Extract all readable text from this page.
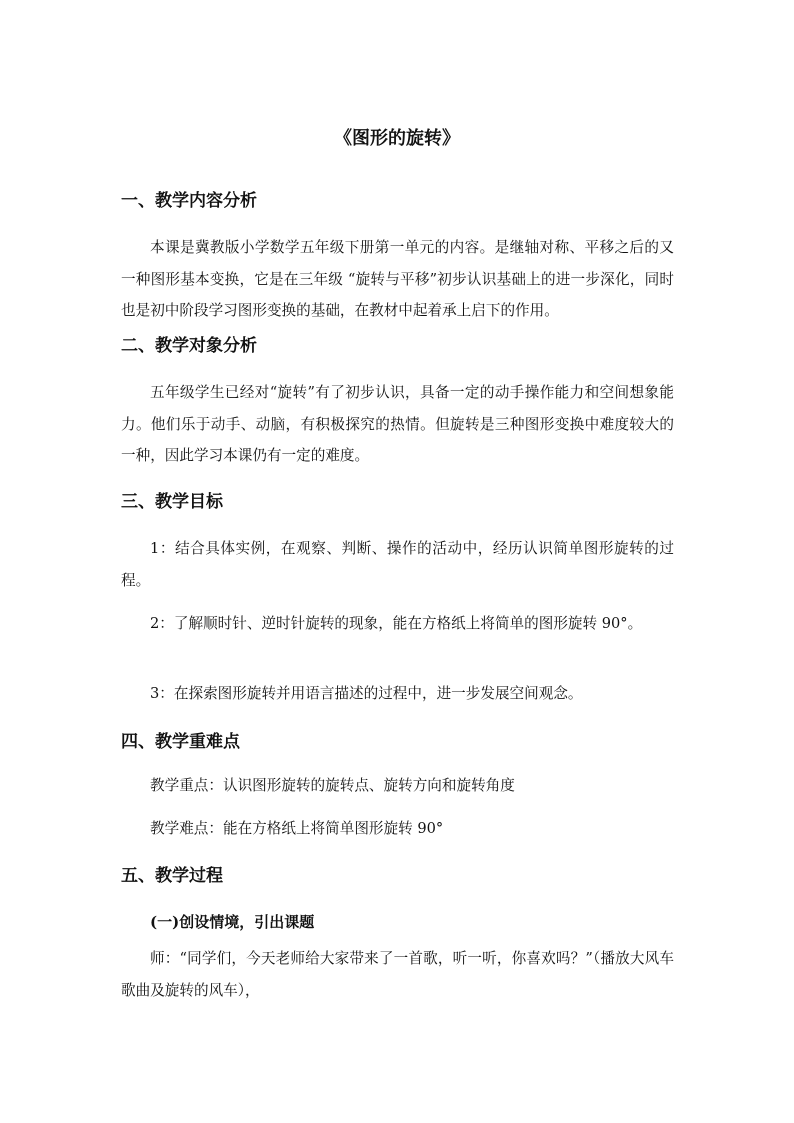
《图形的旋转》
一、教学内容分析

本课是冀教版小学数学五年级下册第一单元的内容。是继轴对称、平移之后的又一种图形基本变换，它是在三年级 “旋转与平移”初步认识基础上的进一步深化，同时也是初中阶段学习图形变换的基础，在教材中起着承上启下的作用。

二、教学对象分析

五年级学生已经对“旋转”有了初步认识，具备一定的动手操作能力和空间想象能力。他们乐于动手、动脑，有积极探究的热情。但旋转是三种图形变换中难度较大的一种，因此学习本课仍有一定的难度。

三、教学目标

1：结合具体实例，在观察、判断、操作的活动中，经历认识简单图形旋转的过程。

2：了解顺时针、逆时针旋转的现象，能在方格纸上将简单的图形旋转 90°。

3：在探索图形旋转并用语言描述的过程中，进一步发展空间观念。

四、教学重难点
教学重点：认识图形旋转的旋转点、旋转方向和旋转角度
教学难点：能在方格纸上将简单图形旋转 90°
五、教学过程
(一)创设情境，引出课题

师：“同学们，今天老师给大家带来了一首歌，听一听，你喜欢吗？”（播放大风车歌曲及旋转的风车），
